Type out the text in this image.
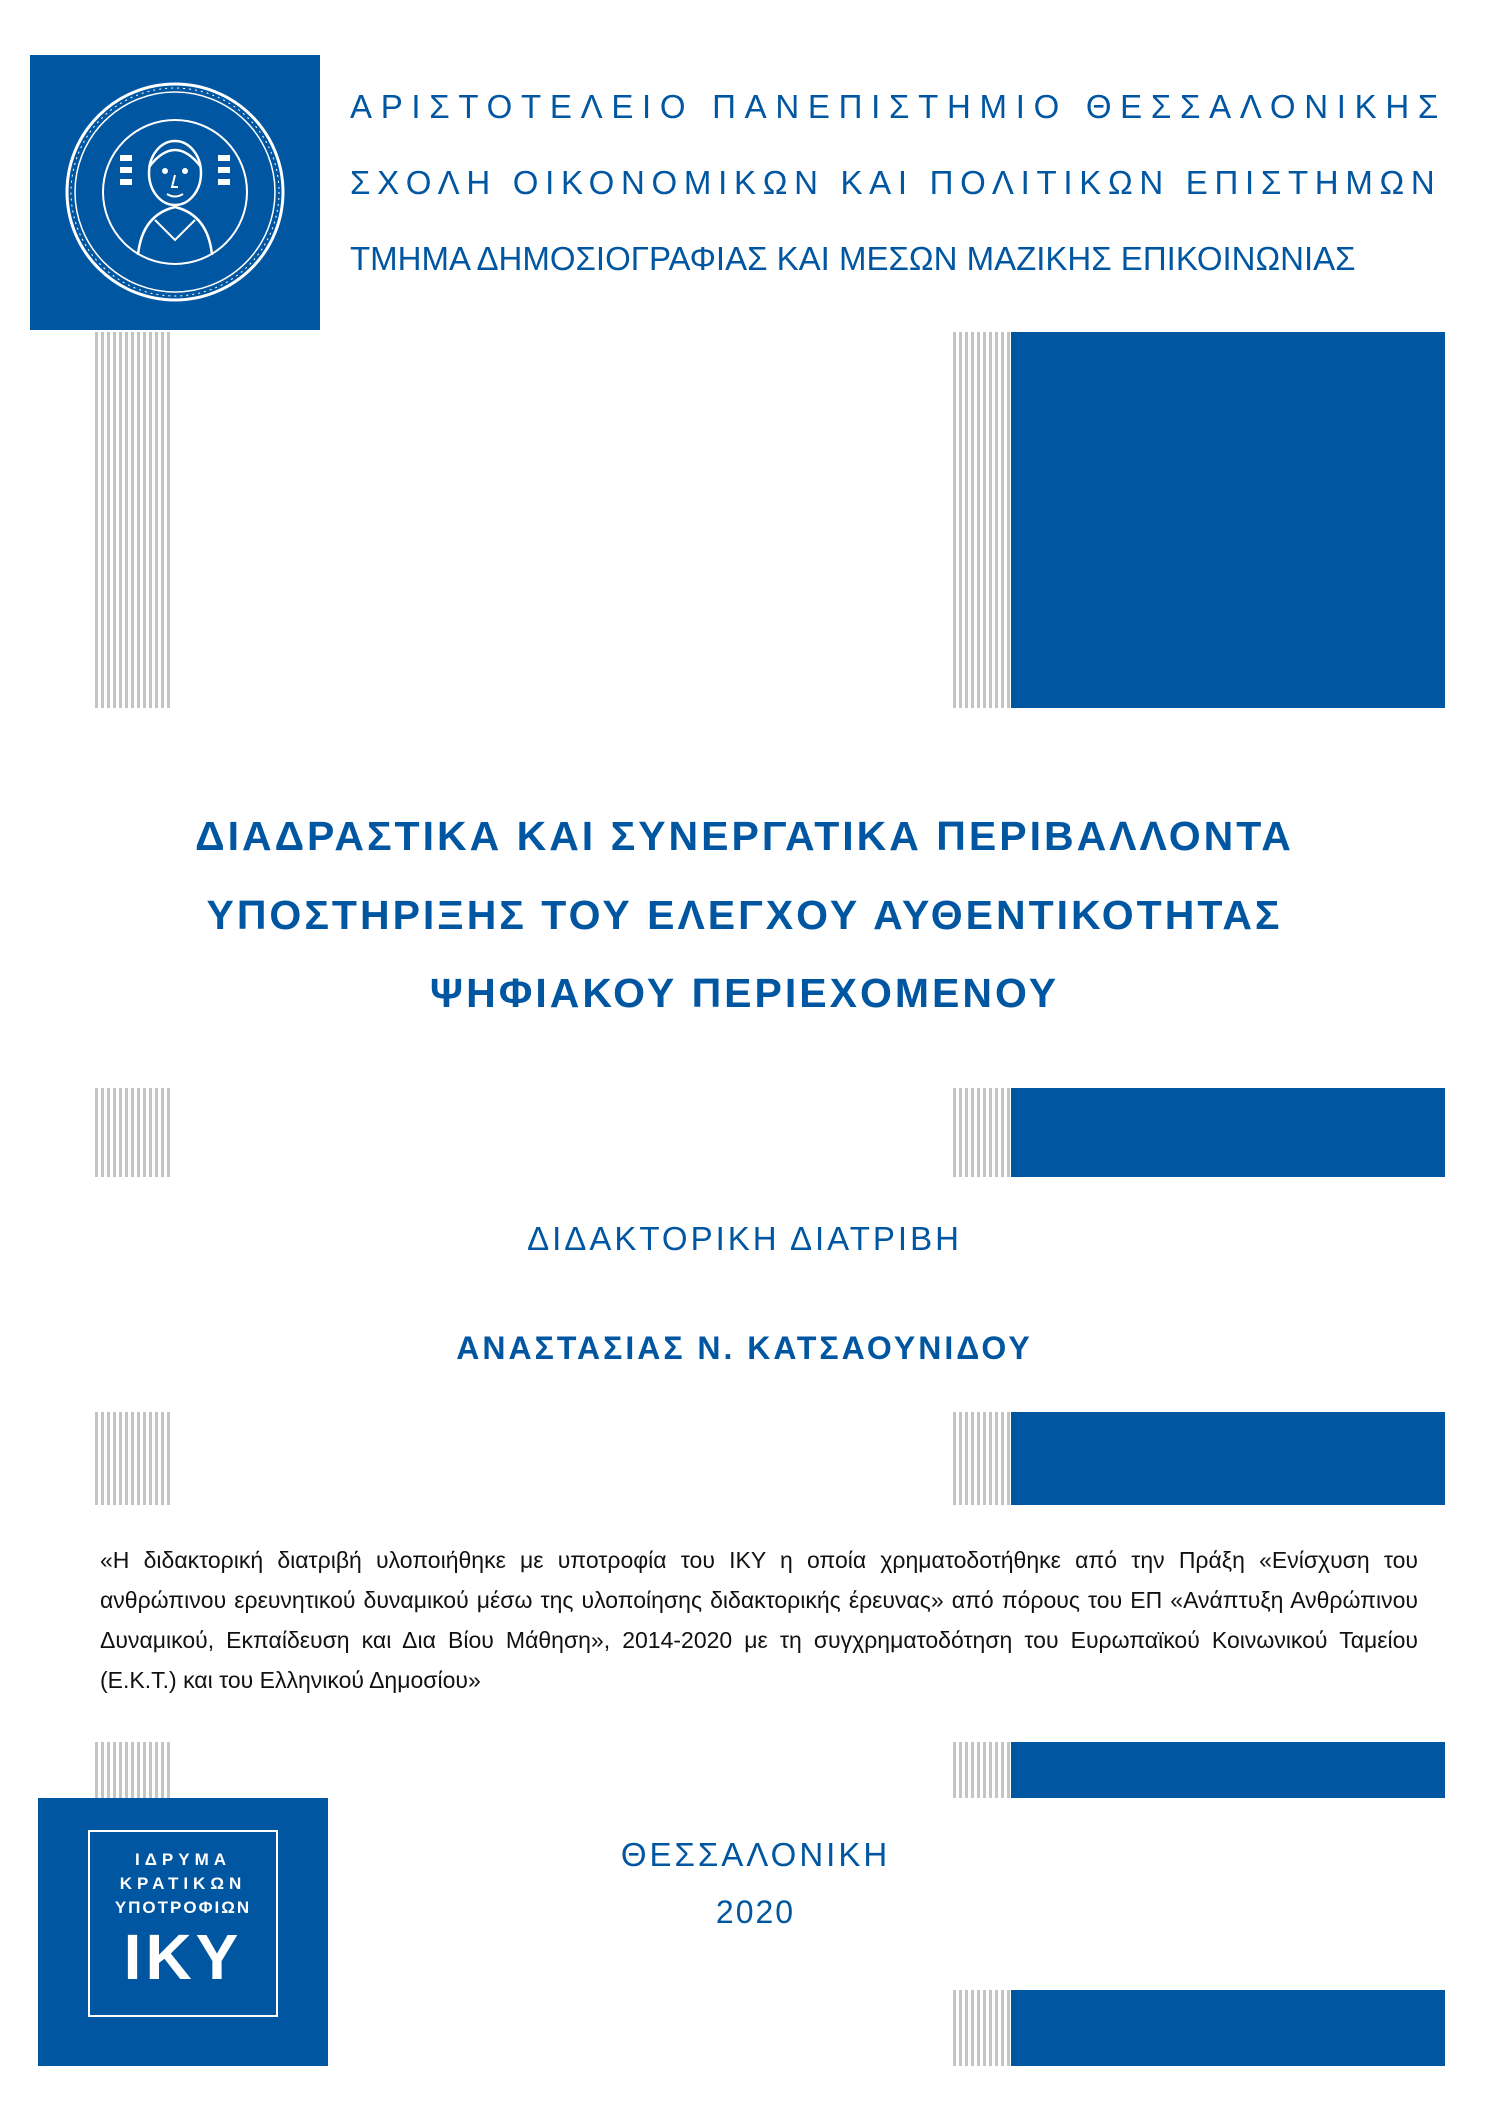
ΑΡΙΣΤΟΤΕΛΕΙΟ ΠΑΝΕΠΙΣΤΗΜΙΟ ΘΕΣΣΑΛΟΝΙΚΗΣ
ΣΧΟΛΗ ΟΙΚΟΝΟΜΙΚΩΝ ΚΑΙ ΠΟΛΙΤΙΚΩΝ ΕΠΙΣΤΗΜΩΝ
ΤΜΗΜΑ ΔΗΜΟΣΙΟΓΡΑΦΙΑΣ ΚΑΙ ΜΕΣΩΝ ΜΑΖΙΚΗΣ ΕΠΙΚΟΙΝΩΝΙΑΣ
ΔΙΑΔΡΑΣΤΙΚΑ ΚΑΙ ΣΥΝΕΡΓΑΤΙΚΑ ΠΕΡΙΒΑΛΛΟΝΤΑ
ΥΠΟΣΤΗΡΙΞΗΣ ΤΟΥ ΕΛΕΓΧΟΥ ΑΥΘΕΝΤΙΚΟΤΗΤΑΣ
ΨΗΦΙΑΚΟΥ ΠΕΡΙΕΧΟΜΕΝΟΥ
ΔΙΔΑΚΤΟΡΙΚΗ ΔΙΑΤΡΙΒΗ
ΑΝΑΣΤΑΣΙΑΣ Ν. ΚΑΤΣΑΟΥΝΙΔΟΥ
«Η διδακτορική διατριβή υλοποιήθηκε με υποτροφία του ΙΚΥ η οποία χρηματοδοτήθηκε από την Πράξη «Ενίσχυση του ανθρώπινου ερευνητικού δυναμικού μέσω της υλοποίησης διδακτορικής έρευνας» από πόρους του ΕΠ «Ανάπτυξη Ανθρώπινου Δυναμικού, Εκπαίδευση και Δια Βίου Μάθηση», 2014-2020 με τη συγχρηματοδότηση του Ευρωπαϊκού Κοινωνικού Ταμείου (Ε.Κ.Τ.) και του Ελληνικού Δημοσίου»
ΙΔΡΥΜΑ
ΚΡΑΤΙΚΩΝ
ΥΠΟΤΡΟΦΙΩΝ
ΙΚΥ
ΘΕΣΣΑΛΟΝΙΚΗ
2020
